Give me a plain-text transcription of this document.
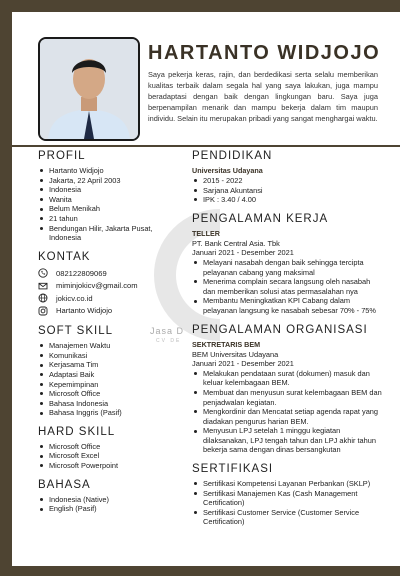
Jasa D
CV DE
HARTANTO WIDJOJO

Saya pekerja keras, rajin, dan berdedikasi serta selalu memberikan kualitas terbaik dalam segala hal yang saya lakukan, juga mampu beradaptasi dengan baik dengan lingkungan baru. Saya juga berpenampilan menarik dan mampu bekerja dalam tim maupun individu. Selain itu merupakan pribadi yang sangat menghargai waktu.

PROFIL
Hartanto Widjojo
Jakarta, 22 April 2003
Indonesia
Wanita
Belum Menikah
21 tahun
Bendungan Hilir, Jakarta Pusat, Indonesia
KONTAK
082122809069
miminjokicv@gmail.com
jokicv.co.id
Hartanto Widjojo
SOFT SKILL
Manajemen Waktu
Komunikasi
Kerjasama Tim
Adaptasi Baik
Kepemimpinan
Microsoft Office
Bahasa Indonesia
Bahasa Inggris (Pasif)
HARD SKILL
Microsoft Office
Microsoft Excel
Microsoft Powerpoint
BAHASA
Indonesia (Native)
English (Pasif)
PENDIDIKAN

Universitas Udayana

2015 - 2022
Sarjana Akuntansi
IPK : 3.40 / 4.00
PENGALAMAN KERJA

TELLER

PT. Bank Central Asia. Tbk

Januari 2021 - Desember 2021

Melayani nasabah dengan baik sehingga tercipta pelayanan cabang yang maksimal
Menerima complain secara langsung oleh nasabah dan memberikan solusi atas permasalahan nya
Membantu Meningkatkan KPI Cabang dalam pelayanan langsung ke nasabah sebesar 70% - 75%
PENGALAMAN ORGANISASI

SEKTRETARIS BEM

BEM Universitas Udayana

Januari 2021 - Desember 2021

Melakukan pendataan surat (dokumen) masuk dan keluar kelembagaan BEM.
Membuat dan menyusun surat kelembagaan BEM dan penjadwalan kegiatan.
Mengkordinir dan Mencatat setiap agenda rapat yang diadakan pengurus harian BEM.
Menyusun LPJ setelah 1 minggu kegiatan dilaksanakan, LPJ tengah tahun dan LPJ akhir tahun bekerja sama dengan dinas bersangkutan
SERTIFIKASI
Sertifikasi Kompetensi Layanan Perbankan (SKLP)
Sertifikasi Manajemen Kas (Cash Management Certification)
Sertifikasi Customer Service (Customer Service Certification)
